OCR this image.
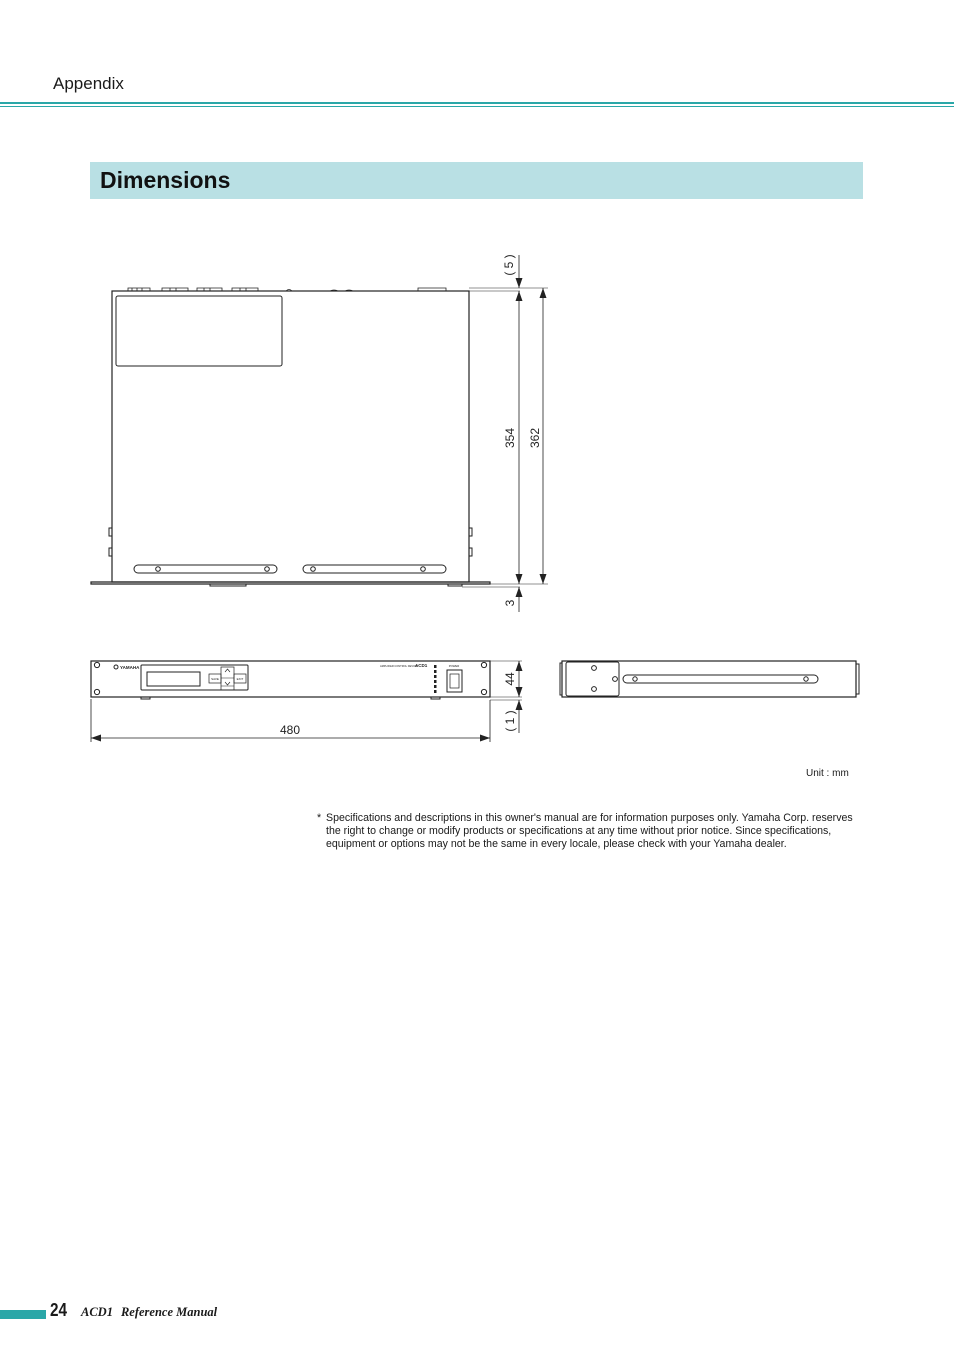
Appendix
Dimensions
( 5 )
354 362
3
44
( 1 )
480
YAMAHA	ACD1
AMPLIFIER CONTROL DEVICE
SAVE	EXIT
POWER
Unit : mm
* Specifications and descriptions in this owner's manual are for information purposes only. Yamaha Corp. reserves the right to change or modify products or specifications at any time without prior notice. Since specifications, equipment or options may not be the same in every locale, please check with your Yamaha dealer.
24 ACD1 Reference Manual
